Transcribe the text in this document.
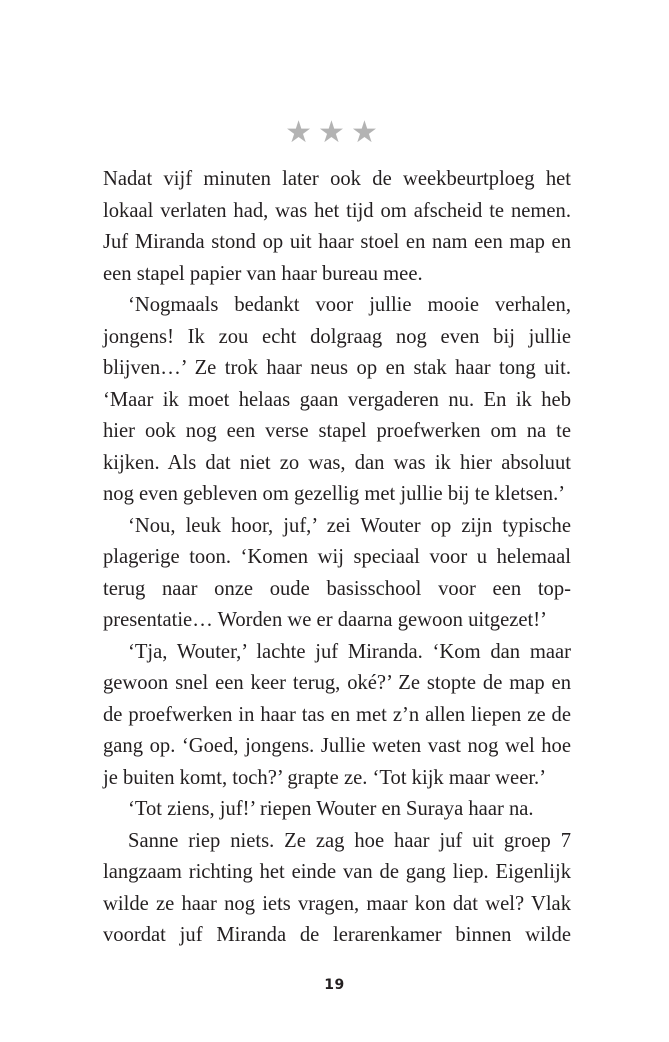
★★★
Nadat vijf minuten later ook de weekbeurtploeg het
lokaal verlaten had, was het tijd om afscheid te nemen.
Juf Miranda stond op uit haar stoel en nam een map en
een stapel papier van haar bureau mee.
‘Nogmaals bedankt voor jullie mooie verhalen,
jongens! Ik zou echt dolgraag nog even bij jullie
blijven…’ Ze trok haar neus op en stak haar tong uit.
‘Maar ik moet helaas gaan vergaderen nu. En ik heb
hier ook nog een verse stapel proefwerken om na te
kijken. Als dat niet zo was, dan was ik hier absoluut
nog even gebleven om gezellig met jullie bij te kletsen.’
‘Nou, leuk hoor, juf,’ zei Wouter op zijn typische
plagerige toon. ‘Komen wij speciaal voor u helemaal
terug naar onze oude basisschool voor een top-
presentatie… Worden we er daarna gewoon uitgezet!’
‘Tja, Wouter,’ lachte juf Miranda. ‘Kom dan maar
gewoon snel een keer terug, oké?’ Ze stopte de map en
de proefwerken in haar tas en met z’n allen liepen ze de
gang op. ‘Goed, jongens. Jullie weten vast nog wel hoe
je buiten komt, toch?’ grapte ze. ‘Tot kijk maar weer.’
‘Tot ziens, juf!’ riepen Wouter en Suraya haar na.
Sanne riep niets. Ze zag hoe haar juf uit groep 7
langzaam richting het einde van de gang liep. Eigenlijk
wilde ze haar nog iets vragen, maar kon dat wel? Vlak
voordat juf Miranda de lerarenkamer binnen wilde
19
